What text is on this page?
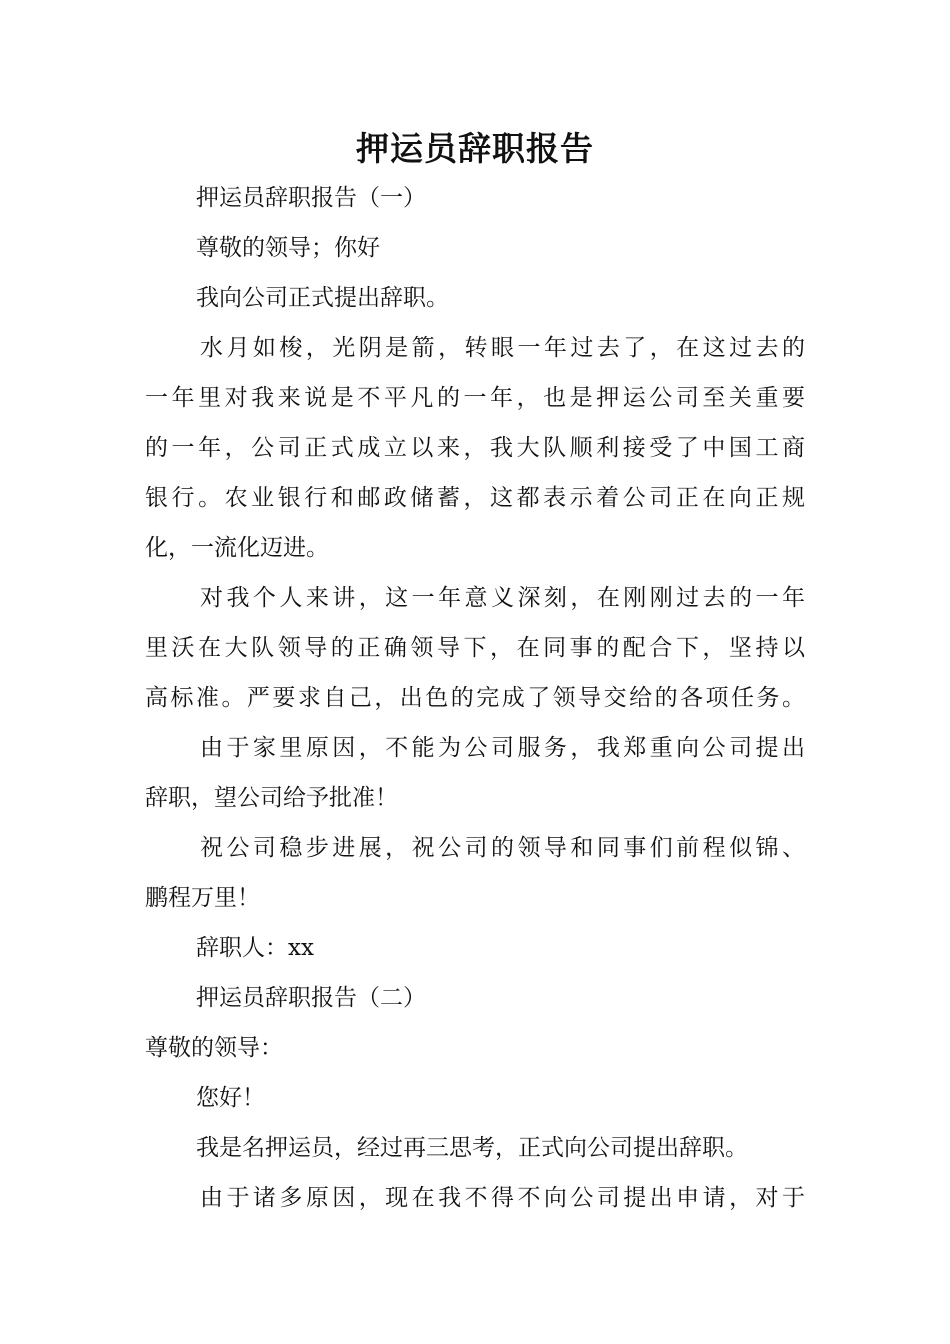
押运员辞职报告
押运员辞职报告（一）
尊敬的领导；你好
我向公司正式提出辞职。
水月如梭，光阴是箭，转眼一年过去了，在这过去的
一年里对我来说是不平凡的一年，也是押运公司至关重要
的一年，公司正式成立以来，我大队顺利接受了中国工商
银行。农业银行和邮政储蓄，这都表示着公司正在向正规
化，一流化迈进。
对我个人来讲，这一年意义深刻，在刚刚过去的一年
里沃在大队领导的正确领导下，在同事的配合下，坚持以
高标准。严要求自己，出色的完成了领导交给的各项任务。
由于家里原因，不能为公司服务，我郑重向公司提出
辞职，望公司给予批准！
祝公司稳步进展，祝公司的领导和同事们前程似锦、
鹏程万里！
辞职人：xx
押运员辞职报告（二）
尊敬的领导：
您好！
我是名押运员，经过再三思考，正式向公司提出辞职。
由于诸多原因，现在我不得不向公司提出申请，对于
